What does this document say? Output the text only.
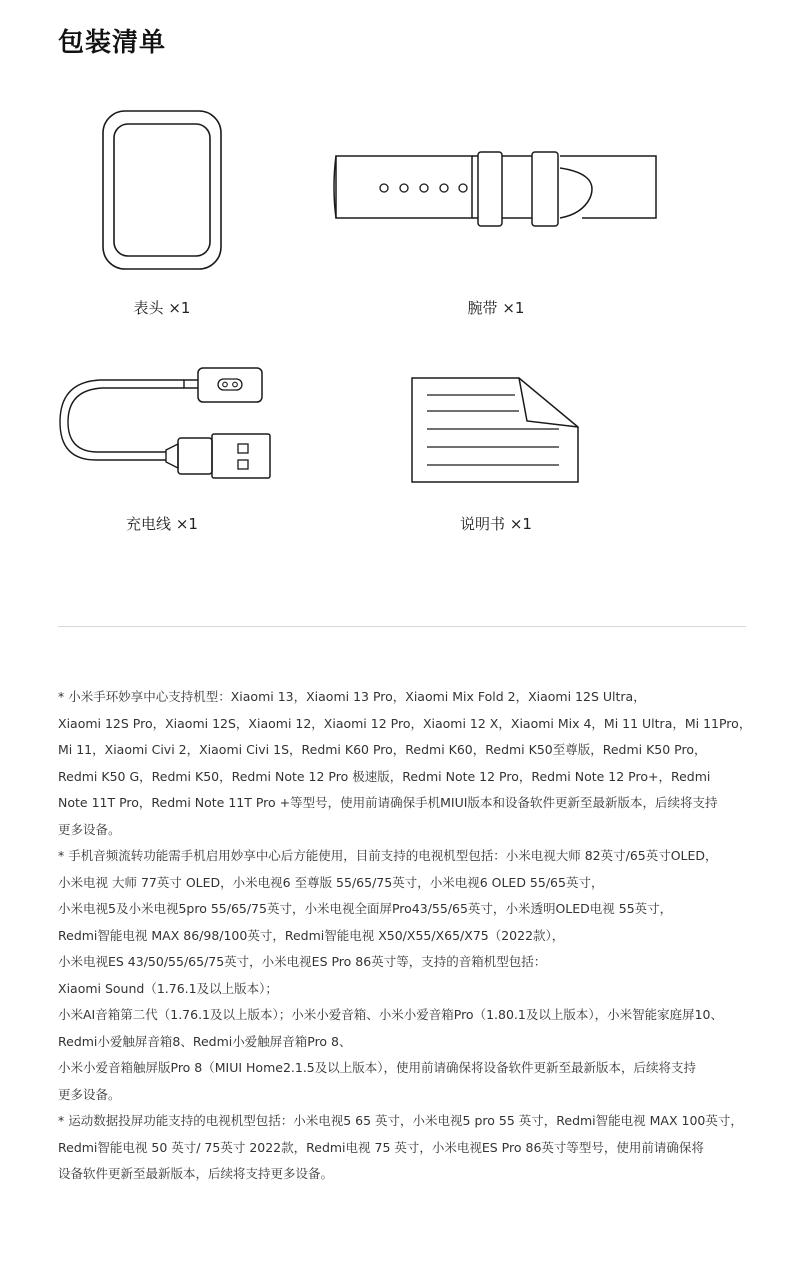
包装清单
表头 ×1	腕带 ×1
充电线 ×1	说明书 ×1
* 小米手环妙享中心支持机型：Xiaomi 13，Xiaomi 13 Pro，Xiaomi Mix Fold 2，Xiaomi 12S Ultra，
Xiaomi 12S Pro，Xiaomi 12S，Xiaomi 12，Xiaomi 12 Pro，Xiaomi 12 X，Xiaomi Mix 4，Mi 11 Ultra，Mi 11Pro，
Mi 11，Xiaomi Civi 2，Xiaomi Civi 1S，Redmi K60 Pro，Redmi K60，Redmi K50至尊版，Redmi K50 Pro，
Redmi K50 G，Redmi K50，Redmi Note 12 Pro 极速版，Redmi Note 12 Pro，Redmi Note 12 Pro+，Redmi
Note 11T Pro，Redmi Note 11T Pro +等型号，使用前请确保手机MIUI版本和设备软件更新至最新版本，后续将支持
更多设备。
* 手机音频流转功能需手机启用妙享中心后方能使用，目前支持的电视机型包括：小米电视大师 82英寸/65英寸OLED，
小米电视 大师 77英寸 OLED，小米电视6 至尊版 55/65/75英寸，小米电视6 OLED 55/65英寸，
小米电视5及小米电视5pro 55/65/75英寸，小米电视全面屏Pro43/55/65英寸，小米透明OLED电视 55英寸，
Redmi智能电视 MAX 86/98/100英寸，Redmi智能电视 X50/X55/X65/X75（2022款），
小米电视ES 43/50/55/65/75英寸，小米电视ES Pro 86英寸等，支持的音箱机型包括：
Xiaomi Sound（1.76.1及以上版本）；
小米AI音箱第二代（1.76.1及以上版本）；小米小爱音箱、小米小爱音箱Pro（1.80.1及以上版本），小米智能家庭屏10、
Redmi小爱触屏音箱8、Redmi小爱触屏音箱Pro 8、
小米小爱音箱触屏版Pro 8（MIUI Home2.1.5及以上版本），使用前请确保将设备软件更新至最新版本，后续将支持
更多设备。
* 运动数据投屏功能支持的电视机型包括：小米电视5 65 英寸，小米电视5 pro 55 英寸，Redmi智能电视 MAX 100英寸，
Redmi智能电视 50 英寸/ 75英寸 2022款，Redmi电视 75 英寸，小米电视ES Pro 86英寸等型号，使用前请确保将
设备软件更新至最新版本，后续将支持更多设备。
